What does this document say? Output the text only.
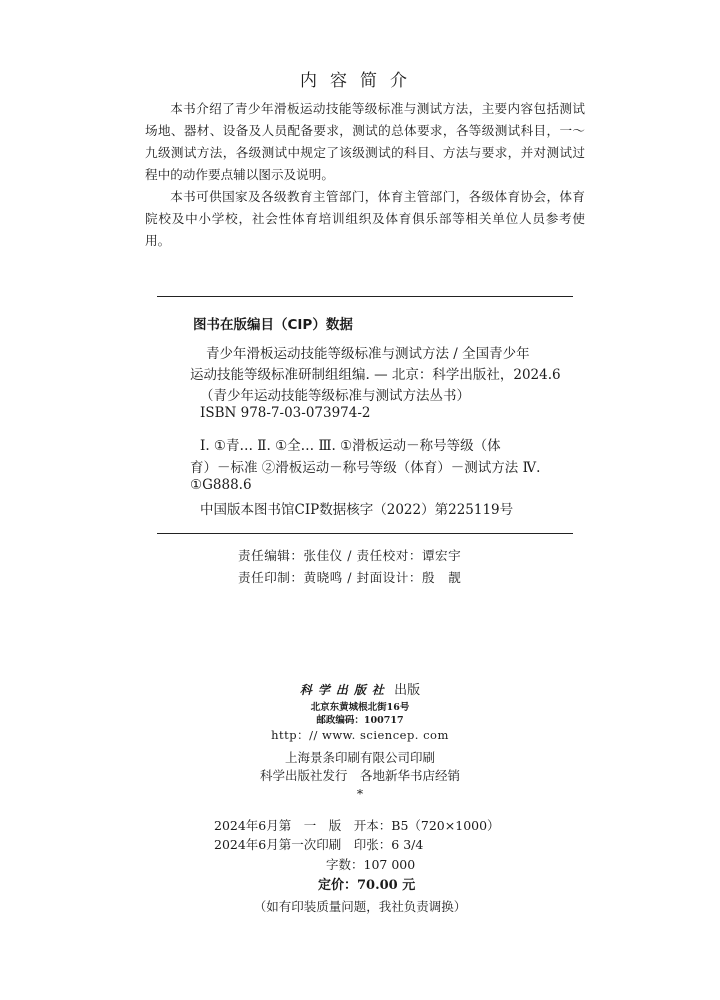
内容简介

本书介绍了青少年滑板运动技能等级标准与测试方法，主要内容包括测试场地、器材、设备及人员配备要求，测试的总体要求，各等级测试科目，一～九级测试方法，各级测试中规定了该级测试的科目、方法与要求，并对测试过程中的动作要点辅以图示及说明。

本书可供国家及各级教育主管部门，体育主管部门，各级体育协会，体育院校及中小学校，社会性体育培训组织及体育俱乐部等相关单位人员参考使用。

图书在版编目（CIP）数据
青少年滑板运动技能等级标准与测试方法 / 全国青少年
运动技能等级标准研制组组编. — 北京：科学出版社，2024.6
（青少年运动技能等级标准与测试方法丛书）
ISBN 978-7-03-073974-2
Ⅰ. ①青… Ⅱ. ①全… Ⅲ. ①滑板运动－称号等级（体
育）－标准 ②滑板运动－称号等级（体育）－测试方法 Ⅳ.
①G888.6
中国版本图书馆CIP数据核字（2022）第225119号
责任编辑：张佳仪 / 责任校对：谭宏宇
责任印制：黄晓鸣 / 封面设计：殷　靓
科学出版社 出版
北京东黄城根北街16号
邮政编码：100717
http：// www. sciencep. com
上海景条印刷有限公司印刷
科学出版社发行　各地新华书店经销
*
2024年6月第　一　版　开本：B5（720×1000）
2024年6月第一次印刷　印张：6 3/4
字数：107 000
定价：70.00 元
（如有印装质量问题，我社负责调换）
